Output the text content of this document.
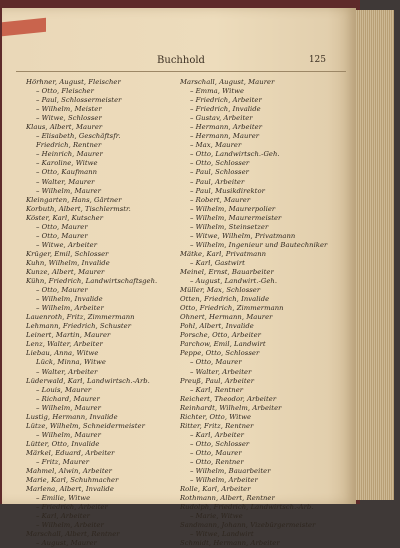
Buchhold	125
Hörhner, August, Fleischer
– Otto, Fleischer
– Paul, Schlossermeister
– Wilhelm, Meister
– Witwe, Schlosser
Klaus, Albert, Maurer
– Elisabeth, Geschäftsfr.
Friedrich, Rentner
– Heinrich, Maurer
– Karoline, Witwe
– Otto, Kaufmann
– Walter, Maurer
– Wilhelm, Maurer
Kleingarten, Hans, Gärtner
Korbuth, Albert, Tischlermstr.
Köster, Karl, Kutscher
– Otto, Maurer
– Otto, Maurer
– Witwe, Arbeiter
Krüger, Emil, Schlosser
Kuhn, Wilhelm, Invalide
Kunze, Albert, Maurer
Kühn, Friedrich, Landwirtschaftsgeh.
– Otto, Maurer
– Wilhelm, Invalide
– Wilhelm, Arbeiter
Lauenroth, Fritz, Zimmermann
Lehmann, Friedrich, Schuster
Leinert, Martin, Maurer
Lenz, Walter, Arbeiter
Liebau, Anna, Witwe
Lück, Minna, Witwe
– Walter, Arbeiter
Lüderwald, Karl, Landwirtsch.-Arb.
– Louis, Maurer
– Richard, Maurer
– Wilhelm, Maurer
Lustig, Hermann, Invalide
Lütze, Wilhelm, Schneidermeister
– Wilhelm, Maurer
Lütter, Otto, Invalide
Märkel, Eduard, Arbeiter
– Fritz, Maurer
Mahmel, Alwin, Arbeiter
Marie, Karl, Schuhmacher
Marlena, Albert, Invalide
– Emilie, Witwe
– Friedrich, Arbeiter
– Karl, Arbeiter
– Wilhelm, Arbeiter
Marschall, Albert, Rentner
– August, Maurer
Marschall, August, Maurer
– Emma, Witwe
– Friedrich, Arbeiter
– Friedrich, Invalide
– Gustav, Arbeiter
– Hermann, Arbeiter
– Hermann, Maurer
– Max, Maurer
– Otto, Landwirtsch.-Geh.
– Otto, Schlosser
– Paul, Schlosser
– Paul, Arbeiter
– Paul, Musikdirektor
– Robert, Maurer
– Wilhelm, Maurerpolier
– Wilhelm, Maurermeister
– Wilhelm, Steinsetzer
– Witwe, Wilhelm, Privatmann
– Wilhelm, Ingenieur und Bautechniker
Mätke, Karl, Privatmann
– Karl, Gastwirt
Meinel, Ernst, Bauarbeiter
– August, Landwirt.-Geh.
Müller, Max, Schlosser
Otten, Friedrich, Invalide
Otto, Friedrich, Zimmermann
Ohnert, Hermann, Maurer
Pohl, Albert, Invalide
Porsche, Otto, Arbeiter
Parchow, Emil, Landwirt
Peppe, Otto, Schlosser
– Otto, Maurer
– Walter, Arbeiter
Preuß, Paul, Arbeiter
– Karl, Rentner
Reichert, Theodor, Arbeiter
Reinhardt, Wilhelm, Arbeiter
Richter, Otto, Witwe
Ritter, Fritz, Rentner
– Karl, Arbeiter
– Otto, Schlosser
– Otto, Maurer
– Otto, Rentner
– Wilhelm, Bauarbeiter
– Wilhelm, Arbeiter
Rolle, Karl, Arbeiter
Rothmann, Albert, Rentner
Rudolph, Friedrich, Landwirtsch.-Arb.
– Marie, Witwe
Sandmann, Johann, Vizebürgermeister
– Witwe, Landwirt
Schmidt, Hermann, Arbeiter
